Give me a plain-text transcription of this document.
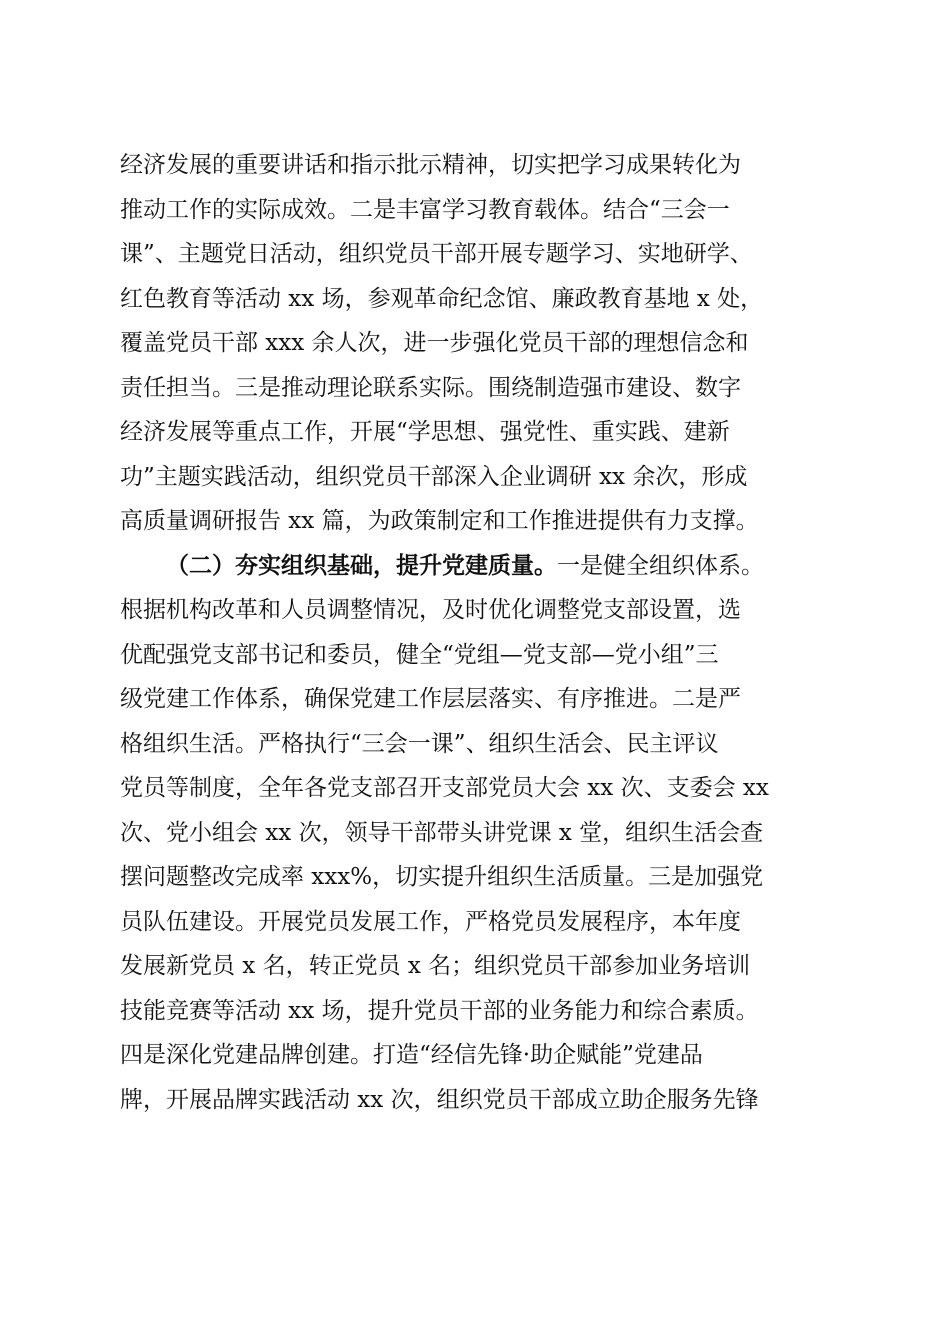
经济发展的重要讲话和指示批示精神，切实把学习成果转化为
推动工作的实际成效。二是丰富学习教育载体。结合“三会一
课”、主题党日活动，组织党员干部开展专题学习、实地研学、
红色教育等活动 xx 场，参观革命纪念馆、廉政教育基地 x 处，
覆盖党员干部 xxx 余人次，进一步强化党员干部的理想信念和
责任担当。三是推动理论联系实际。围绕制造强市建设、数字
经济发展等重点工作，开展“学思想、强党性、重实践、建新
功”主题实践活动，组织党员干部深入企业调研 xx 余次，形成
高质量调研报告 xx 篇，为政策制定和工作推进提供有力支撑。
（二）夯实组织基础，提升党建质量。一是健全组织体系。
根据机构改革和人员调整情况，及时优化调整党支部设置，选
优配强党支部书记和委员，健全“党组—党支部—党小组”三
级党建工作体系，确保党建工作层层落实、有序推进。二是严
格组织生活。严格执行“三会一课”、组织生活会、民主评议
党员等制度，全年各党支部召开支部党员大会 xx 次、支委会 xx
次、党小组会 xx 次，领导干部带头讲党课 x 堂，组织生活会查
摆问题整改完成率 xxx%，切实提升组织生活质量。三是加强党
员队伍建设。开展党员发展工作，严格党员发展程序，本年度
发展新党员 x 名，转正党员 x 名；组织党员干部参加业务培训
技能竞赛等活动 xx 场，提升党员干部的业务能力和综合素质。
四是深化党建品牌创建。打造“经信先锋·助企赋能”党建品
牌，开展品牌实践活动 xx 次，组织党员干部成立助企服务先锋
